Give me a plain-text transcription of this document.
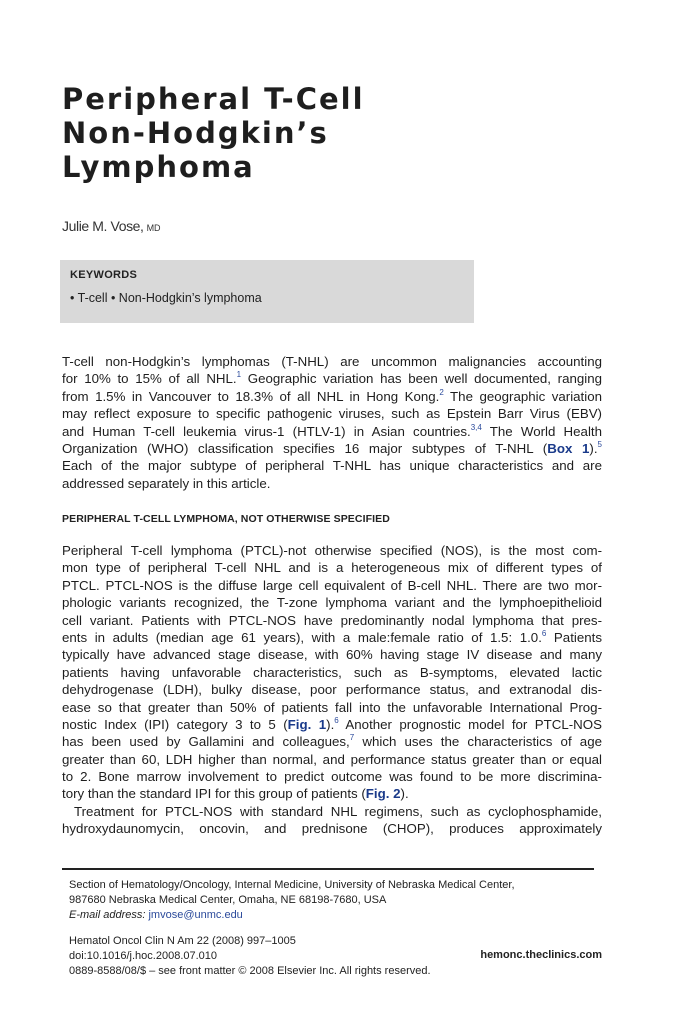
Peripheral T-Cell
Non-Hodgkin’s
Lymphoma
Julie M. Vose, MD
KEYWORDS
• T-cell • Non-Hodgkin’s lymphoma
T-cell non-Hodgkin’s lymphomas (T-NHL) are uncommon malignancies accounting
for 10% to 15% of all NHL.$^1$ Geographic variation has been well documented, ranging
from 1.5% in Vancouver to 18.3% of all NHL in Hong Kong.$^2$ The geographic variation
may reflect exposure to specific pathogenic viruses, such as Epstein Barr Virus (EBV)
and Human T-cell leukemia virus-1 (HTLV-1) in Asian countries.$^{3,4}$ The World Health
Organization (WHO) classification specifies 16 major subtypes of T-NHL (Box 1).$^5$
Each of the major subtype of peripheral T-NHL has unique characteristics and are
addressed separately in this article.
PERIPHERAL T-CELL LYMPHOMA, NOT OTHERWISE SPECIFIED
Peripheral T-cell lymphoma (PTCL)-not otherwise specified (NOS), is the most com-
mon type of peripheral T-cell NHL and is a heterogeneous mix of different types of
PTCL. PTCL-NOS is the diffuse large cell equivalent of B-cell NHL. There are two mor-
phologic variants recognized, the T-zone lymphoma variant and the lymphoepithelioid
cell variant. Patients with PTCL-NOS have predominantly nodal lymphoma that pres-
ents in adults (median age 61 years), with a male:female ratio of 1.5: 1.0.$^6$ Patients
typically have advanced stage disease, with 60% having stage IV disease and many
patients having unfavorable characteristics, such as B-symptoms, elevated lactic
dehydrogenase (LDH), bulky disease, poor performance status, and extranodal dis-
ease so that greater than 50% of patients fall into the unfavorable International Prog-
nostic Index (IPI) category 3 to 5 (Fig. 1).$^6$ Another prognostic model for PTCL-NOS
has been used by Gallamini and colleagues,$^7$ which uses the characteristics of age
greater than 60, LDH higher than normal, and performance status greater than or equal
to 2. Bone marrow involvement to predict outcome was found to be more discrimina-
tory than the standard IPI for this group of patients (Fig. 2).
Treatment for PTCL-NOS with standard NHL regimens, such as cyclophosphamide,
hydroxydaunomycin, oncovin, and prednisone (CHOP), produces approximately
Section of Hematology/Oncology, Internal Medicine, University of Nebraska Medical Center,
987680 Nebraska Medical Center, Omaha, NE 68198-7680, USA
E-mail address: jmvose@unmc.edu
Hematol Oncol Clin N Am 22 (2008) 997–1005
doi:10.1016/j.hoc.2008.07.010
0889-8588/08/$ – see front matter © 2008 Elsevier Inc. All rights reserved.
hemonc.theclinics.com
